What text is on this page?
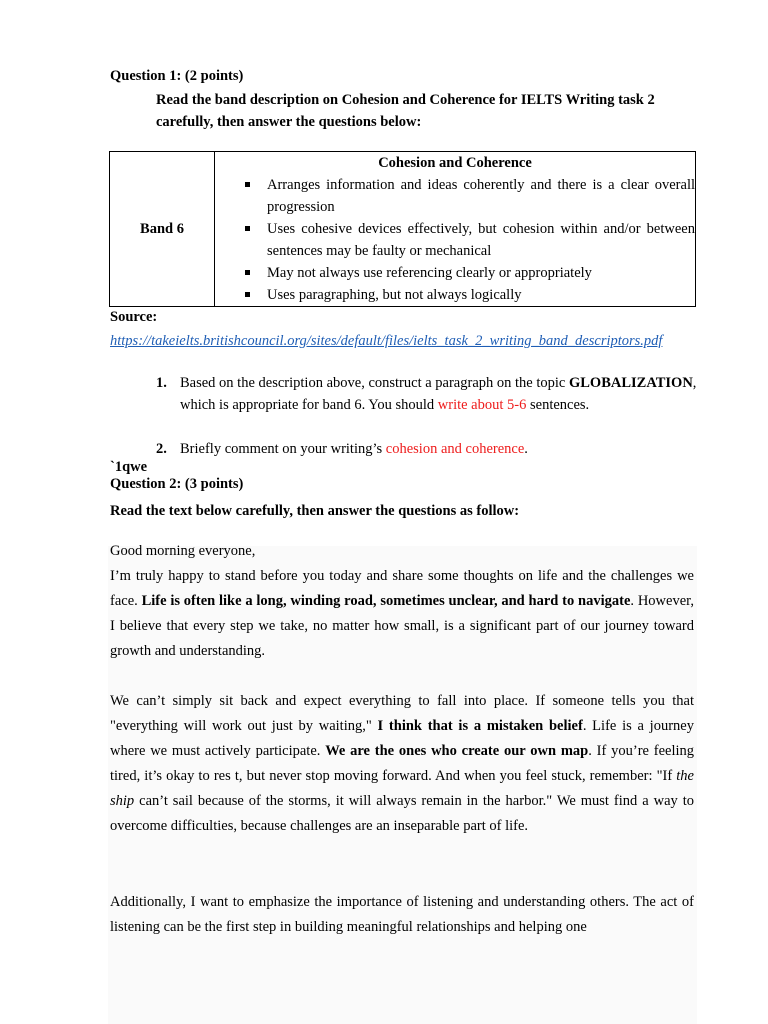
Question 1: (2 points)
Read the band description on Cohesion and Coherence for IELTS Writing task 2 carefully, then answer the questions below:
Band 6	
Cohesion and Coherence
Arranges information and ideas coherently and there is a clear overall progression
Uses cohesive devices effectively, but cohesion within and/or between sentences may be faulty or mechanical
May not always use referencing clearly or appropriately
Uses paragraphing, but not always logically
Source:
https://takeielts.britishcouncil.org/sites/default/files/ielts_task_2_writing_band_descriptors.pdf
1. Based on the description above, construct a paragraph on the topic GLOBALIZATION, which is appropriate for band 6. You should write about 5-6 sentences.
2. Briefly comment on your writing’s cohesion and coherence.
`1qwe
Question 2: (3 points)
Read the text below carefully, then answer the questions as follow:
Good morning everyone,
I’m truly happy to stand before you today and share some thoughts on life and the challenges we face. Life is often like a long, winding road, sometimes unclear, and hard to navigate. However, I believe that every step we take, no matter how small, is a significant part of our journey toward growth and understanding.
We can’t simply sit back and expect everything to fall into place. If someone tells you that "everything will work out just by waiting," I think that is a mistaken belief. Life is a journey where we must actively participate. We are the ones who create our own map. If you’re feeling tired, it’s okay to res t, but never stop moving forward. And when you feel stuck, remember: "If the ship can’t sail because of the storms, it will always remain in the harbor." We must find a way to overcome difficulties, because challenges are an inseparable part of life.
Additionally, I want to emphasize the importance of listening and understanding others. The act of listening can be the first step in building meaningful relationships and helping one
